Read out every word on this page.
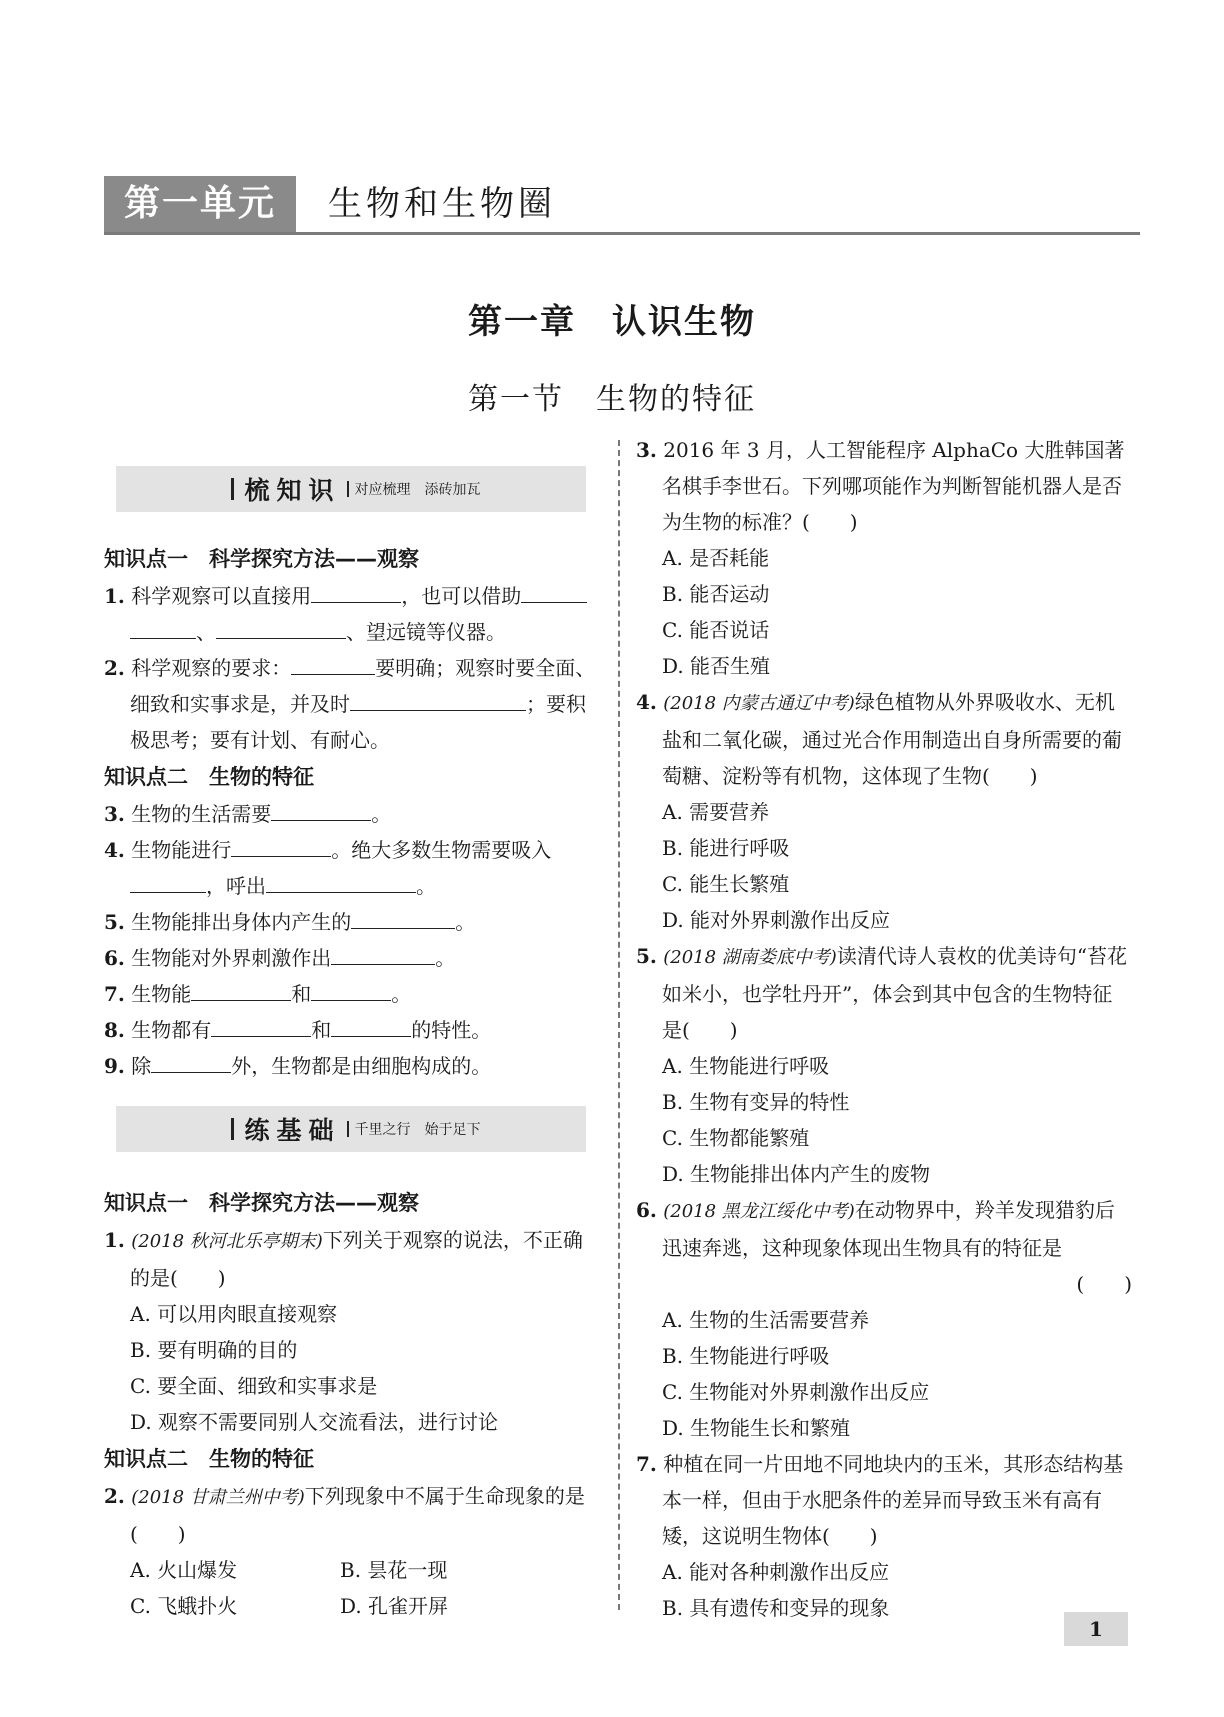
第一单元	生物和生物圈
第一章　认识生物
第一节　生物的特征
梳知识 对应梳理　添砖加瓦

知识点一　科学探究方法——观察

1. 科学观察可以直接用	，也可以借助、	、望远镜等仪器。

2. 科学观察的要求：	要明确；观察时要全面、细致和实事求是，并及时	；要积极思考；要有计划、有耐心。

知识点二　生物的特征

3. 生物的生活需要	。

4. 生物能进行	。绝大多数生物需要吸入，呼出	。

5. 生物能排出身体内产生的	。

6. 生物能对外界刺激作出	。

7. 生物能	和	。

8. 生物都有	和	的特性。

9. 除	外，生物都是由细胞构成的。

练基础 千里之行　始于足下

知识点一　科学探究方法——观察

1. (2018 秋河北乐亭期末)下列关于观察的说法，不正确的是(　　)

A. 可以用肉眼直接观察

B. 要有明确的目的

C. 要全面、细致和实事求是

D. 观察不需要同别人交流看法，进行讨论

知识点二　生物的特征

2. (2018 甘肃兰州中考)下列现象中不属于生命现象的是(　　)

A. 火山爆发	B. 昙花一现

C. 飞蛾扑火	D. 孔雀开屏

3. 2016 年 3 月，人工智能程序 AlphaCo 大胜韩国著名棋手李世石。下列哪项能作为判断智能机器人是否为生物的标准？(　　)

A. 是否耗能

B. 能否运动

C. 能否说话

D. 能否生殖

4. (2018 内蒙古通辽中考)绿色植物从外界吸收水、无机盐和二氧化碳，通过光合作用制造出自身所需要的葡萄糖、淀粉等有机物，这体现了生物(　　)

A. 需要营养

B. 能进行呼吸

C. 能生长繁殖

D. 能对外界刺激作出反应

5. (2018 湖南娄底中考)读清代诗人袁枚的优美诗句“苔花如米小，也学牡丹开”，体会到其中包含的生物特征是(　　)

A. 生物能进行呼吸

B. 生物有变异的特性

C. 生物都能繁殖

D. 生物能排出体内产生的废物

6. (2018 黑龙江绥化中考)在动物界中，羚羊发现猎豹后迅速奔逃，这种现象体现出生物具有的特征是

(　　)

A. 生物的生活需要营养

B. 生物能进行呼吸

C. 生物能对外界刺激作出反应

D. 生物能生长和繁殖

7. 种植在同一片田地不同地块内的玉米，其形态结构基本一样，但由于水肥条件的差异而导致玉米有高有矮，这说明生物体(　　)

A. 能对各种刺激作出反应

B. 具有遗传和变异的现象

1
